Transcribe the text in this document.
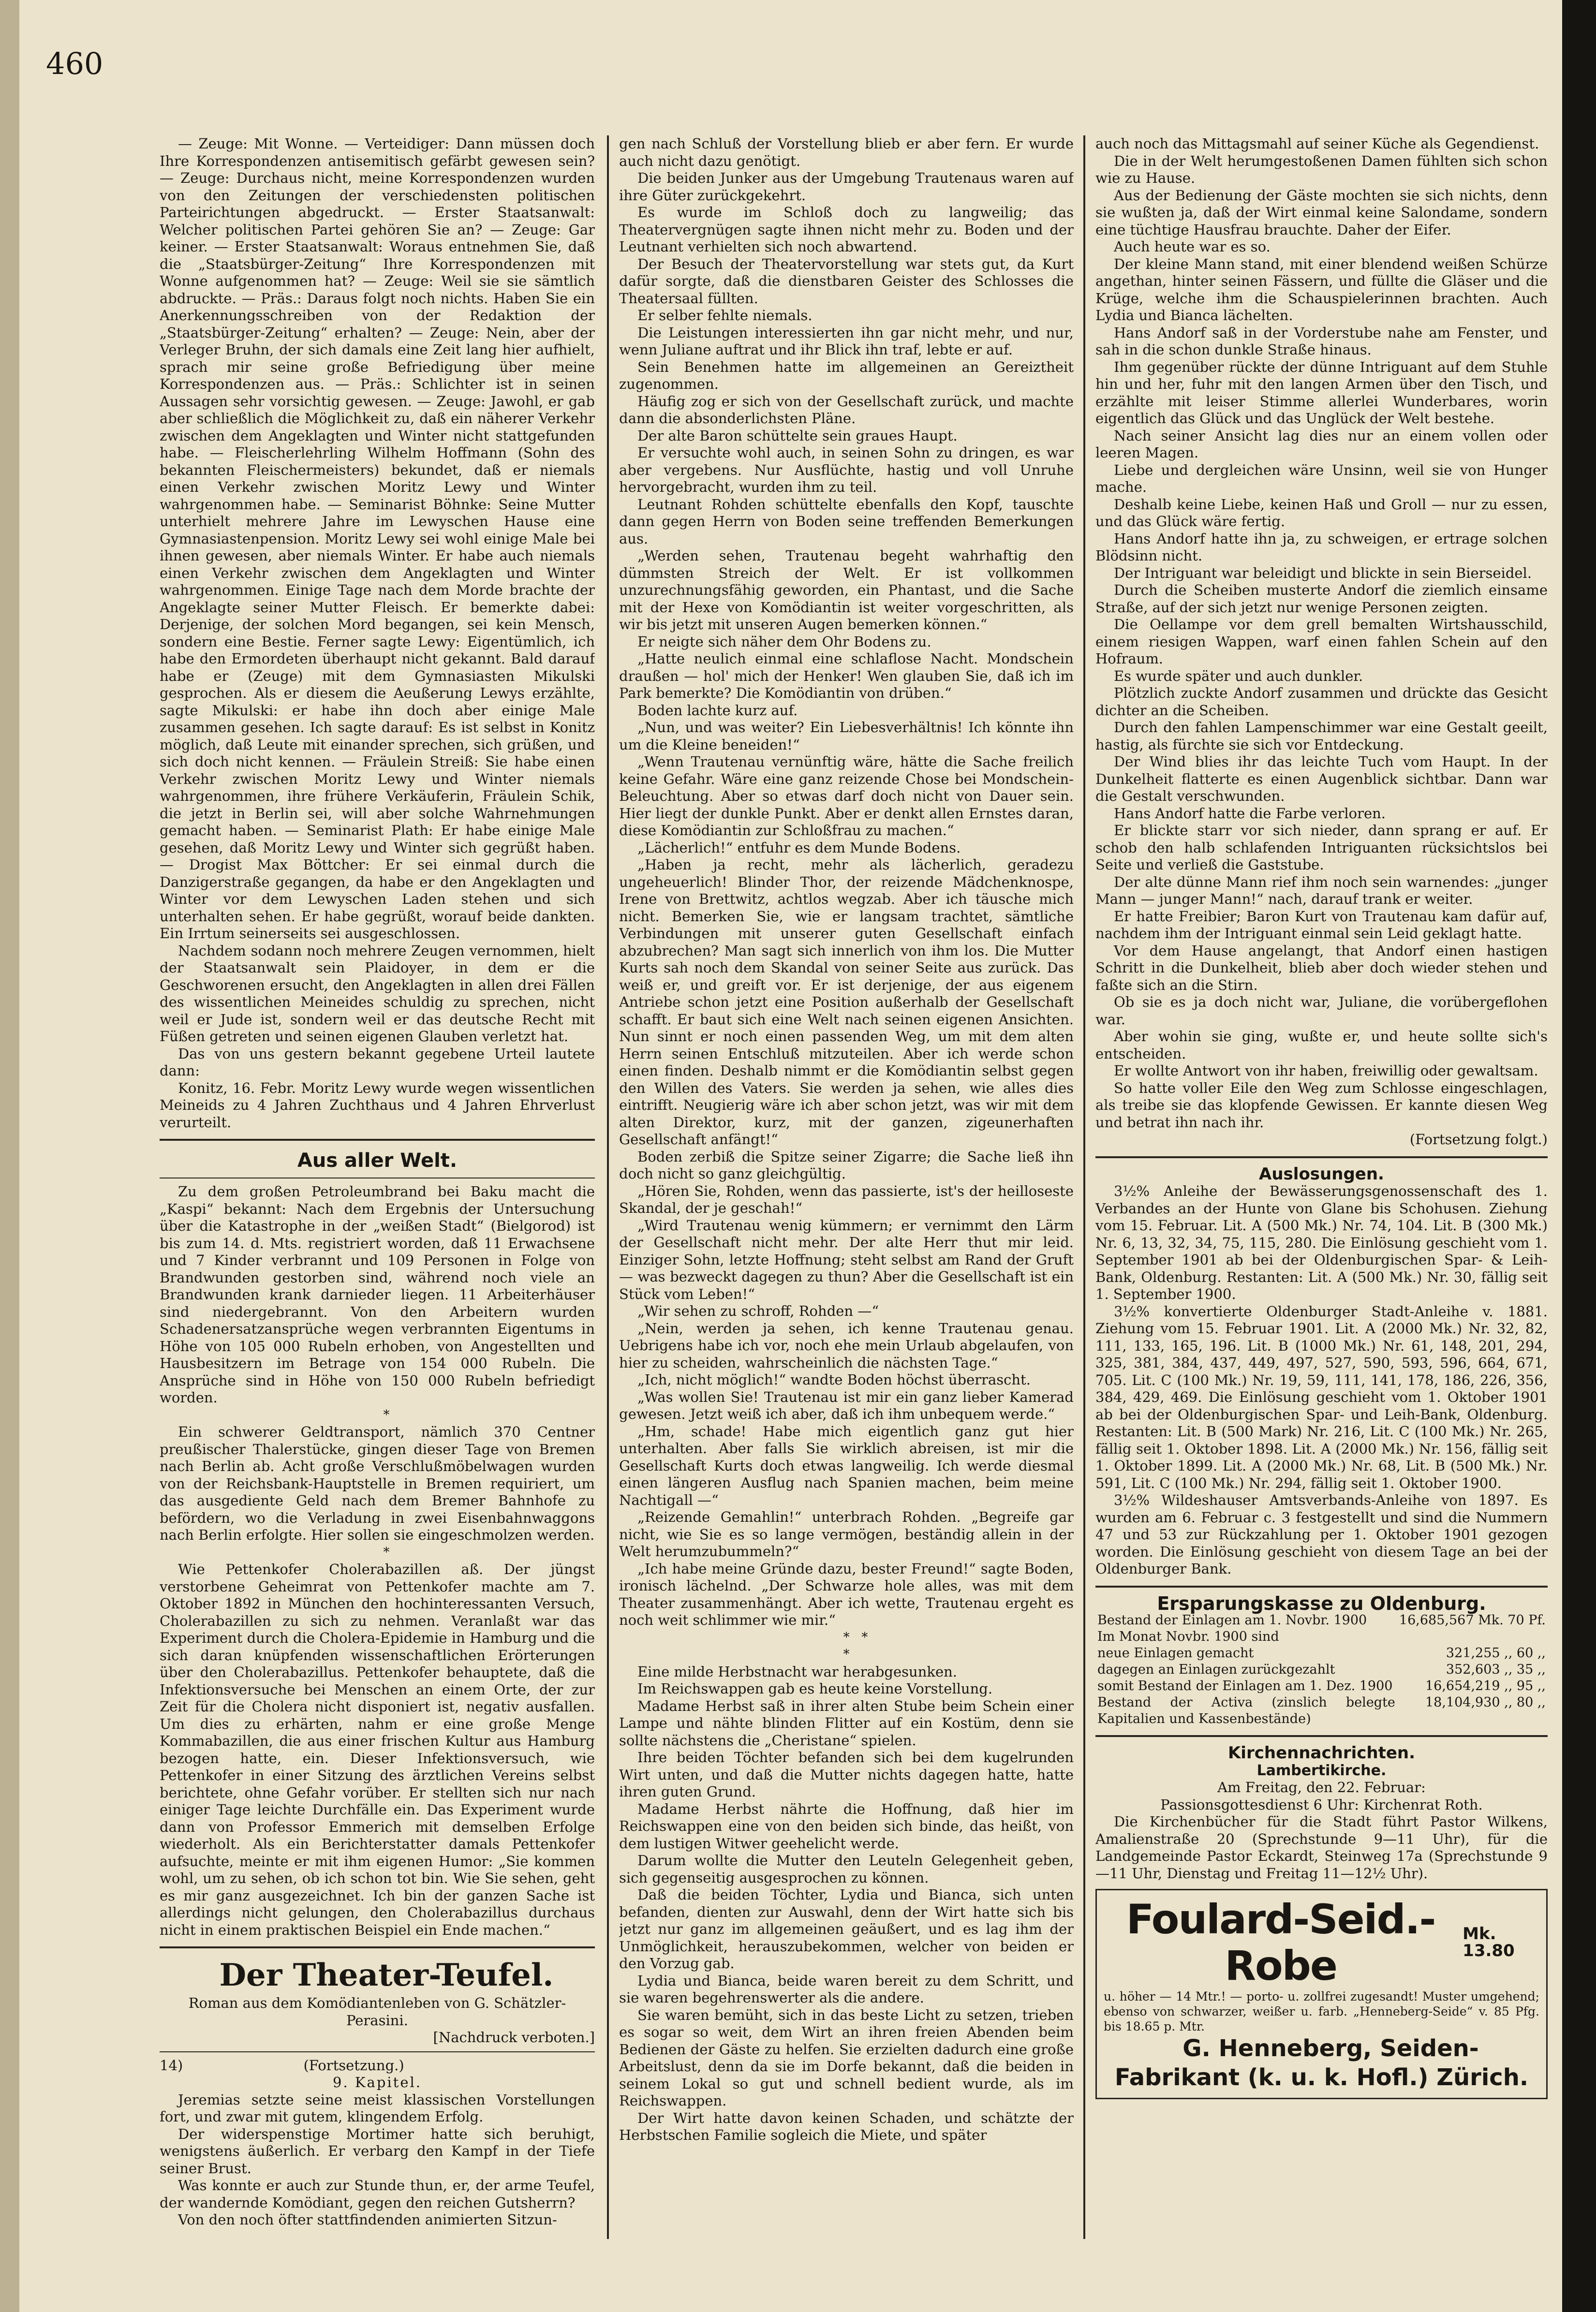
460

— Zeuge: Mit Wonne. — Verteidiger: Dann müssen doch Ihre Korrespondenzen antisemitisch gefärbt gewesen sein? — Zeuge: Durchaus nicht, meine Korrespondenzen wurden von den Zeitungen der verschiedensten politischen Parteirichtungen abgedruckt. — Erster Staatsanwalt: Welcher politischen Partei gehören Sie an? — Zeuge: Gar keiner. — Erster Staatsanwalt: Woraus entnehmen Sie, daß die „Staatsbürger-Zeitung“ Ihre Korrespondenzen mit Wonne aufgenommen hat? — Zeuge: Weil sie sie sämtlich abdruckte. — Präs.: Daraus folgt noch nichts. Haben Sie ein Anerkennungsschreiben von der Redaktion der „Staatsbürger-Zeitung“ erhalten? — Zeuge: Nein, aber der Verleger Bruhn, der sich damals eine Zeit lang hier aufhielt, sprach mir seine große Befriedigung über meine Korrespondenzen aus. — Präs.: Schlichter ist in seinen Aussagen sehr vorsichtig gewesen. — Zeuge: Jawohl, er gab aber schließlich die Möglichkeit zu, daß ein näherer Verkehr zwischen dem Angeklagten und Winter nicht stattgefunden habe. — Fleischerlehrling Wilhelm Hoffmann (Sohn des bekannten Fleischermeisters) bekundet, daß er niemals einen Verkehr zwischen Moritz Lewy und Winter wahrgenommen habe. — Seminarist Böhnke: Seine Mutter unterhielt mehrere Jahre im Lewyschen Hause eine Gymnasiastenpension. Moritz Lewy sei wohl einige Male bei ihnen gewesen, aber niemals Winter. Er habe auch niemals einen Verkehr zwischen dem Angeklagten und Winter wahrgenommen. Einige Tage nach dem Morde brachte der Angeklagte seiner Mutter Fleisch. Er bemerkte dabei: Derjenige, der solchen Mord begangen, sei kein Mensch, sondern eine Bestie. Ferner sagte Lewy: Eigentümlich, ich habe den Ermordeten überhaupt nicht gekannt. Bald darauf habe er (Zeuge) mit dem Gymnasiasten Mikulski gesprochen. Als er diesem die Aeußerung Lewys erzählte, sagte Mikulski: er habe ihn doch aber einige Male zusammen gesehen. Ich sagte darauf: Es ist selbst in Konitz möglich, daß Leute mit einander sprechen, sich grüßen, und sich doch nicht kennen. — Fräulein Streiß: Sie habe einen Verkehr zwischen Moritz Lewy und Winter niemals wahrgenommen, ihre frühere Verkäuferin, Fräulein Schik, die jetzt in Berlin sei, will aber solche Wahrnehmungen gemacht haben. — Seminarist Plath: Er habe einige Male gesehen, daß Moritz Lewy und Winter sich gegrüßt haben. — Drogist Max Böttcher: Er sei einmal durch die Danzigerstraße gegangen, da habe er den Angeklagten und Winter vor dem Lewyschen Laden stehen und sich unterhalten sehen. Er habe gegrüßt, worauf beide dankten. Ein Irrtum seinerseits sei ausgeschlossen.

Nachdem sodann noch mehrere Zeugen vernommen, hielt der Staatsanwalt sein Plaidoyer, in dem er die Geschworenen ersucht, den Angeklagten in allen drei Fällen des wissentlichen Meineides schuldig zu sprechen, nicht weil er Jude ist, sondern weil er das deutsche Recht mit Füßen getreten und seinen eigenen Glauben verletzt hat.

Das von uns gestern bekannt gegebene Urteil lautete dann:

Konitz, 16. Febr. Moritz Lewy wurde wegen wissentlichen Meineids zu 4 Jahren Zuchthaus und 4 Jahren Ehrverlust verurteilt.

Aus aller Welt.

Zu dem großen Petroleumbrand bei Baku macht die „Kaspi“ bekannt: Nach dem Ergebnis der Untersuchung über die Katastrophe in der „weißen Stadt“ (Bielgorod) ist bis zum 14. d. Mts. registriert worden, daß 11 Erwachsene und 7 Kinder verbrannt und 109 Personen in Folge von Brandwunden gestorben sind, während noch viele an Brandwunden krank darnieder liegen. 11 Arbeiterhäuser sind niedergebrannt. Von den Arbeitern wurden Schadenersatzansprüche wegen verbrannten Eigentums in Höhe von 105 000 Rubeln erhoben, von Angestellten und Hausbesitzern im Betrage von 154 000 Rubeln. Die Ansprüche sind in Höhe von 150 000 Rubeln befriedigt worden.

*

Ein schwerer Geldtransport, nämlich 370 Centner preußischer Thalerstücke, gingen dieser Tage von Bremen nach Berlin ab. Acht große Verschlußmöbelwagen wurden von der Reichsbank-Hauptstelle in Bremen requiriert, um das ausgediente Geld nach dem Bremer Bahnhofe zu befördern, wo die Verladung in zwei Eisenbahnwaggons nach Berlin erfolgte. Hier sollen sie eingeschmolzen werden.

*

Wie Pettenkofer Cholerabazillen aß. Der jüngst verstorbene Geheimrat von Pettenkofer machte am 7. Oktober 1892 in München den hochinteressanten Versuch, Cholerabazillen zu sich zu nehmen. Veranlaßt war das Experiment durch die Cholera-Epidemie in Hamburg und die sich daran knüpfenden wissenschaftlichen Erörterungen über den Cholerabazillus. Pettenkofer behauptete, daß die Infektionsversuche bei Menschen an einem Orte, der zur Zeit für die Cholera nicht disponiert ist, negativ ausfallen. Um dies zu erhärten, nahm er eine große Menge Kommabazillen, die aus einer frischen Kultur aus Hamburg bezogen hatte, ein. Dieser Infektionsversuch, wie Pettenkofer in einer Sitzung des ärztlichen Vereins selbst berichtete, ohne Gefahr vorüber. Er stellten sich nur nach einiger Tage leichte Durchfälle ein. Das Experiment wurde dann von Professor Emmerich mit demselben Erfolge wiederholt. Als ein Berichterstatter damals Pettenkofer aufsuchte, meinte er mit ihm eigenen Humor: „Sie kommen wohl, um zu sehen, ob ich schon tot bin. Wie Sie sehen, geht es mir ganz ausgezeichnet. Ich bin der ganzen Sache ist allerdings nicht gelungen, den Cholerabazillus durchaus nicht in einem praktischen Beispiel ein Ende machen.“

Der Theater-Teufel.

Roman aus dem Komödiantenleben von G. Schätzler-Perasini.

[Nachdruck verboten.]

14)	(Fortsetzung.)

9. Kapitel.

Jeremias setzte seine meist klassischen Vorstellungen fort, und zwar mit gutem, klingendem Erfolg.

Der widerspenstige Mortimer hatte sich beruhigt, wenigstens äußerlich. Er verbarg den Kampf in der Tiefe seiner Brust.

Was konnte er auch zur Stunde thun, er, der arme Teufel, der wandernde Komödiant, gegen den reichen Gutsherrn?

Von den noch öfter stattfindenden animierten Sitzun-

gen nach Schluß der Vorstellung blieb er aber fern. Er wurde auch nicht dazu genötigt.

Die beiden Junker aus der Umgebung Trautenaus waren auf ihre Güter zurückgekehrt.

Es wurde im Schloß doch zu langweilig; das Theatervergnügen sagte ihnen nicht mehr zu. Boden und der Leutnant verhielten sich noch abwartend.

Der Besuch der Theatervorstellung war stets gut, da Kurt dafür sorgte, daß die dienstbaren Geister des Schlosses die Theatersaal füllten.

Er selber fehlte niemals.

Die Leistungen interessierten ihn gar nicht mehr, und nur, wenn Juliane auftrat und ihr Blick ihn traf, lebte er auf.

Sein Benehmen hatte im allgemeinen an Gereiztheit zugenommen.

Häufig zog er sich von der Gesellschaft zurück, und machte dann die absonderlichsten Pläne.

Der alte Baron schüttelte sein graues Haupt.

Er versuchte wohl auch, in seinen Sohn zu dringen, es war aber vergebens. Nur Ausflüchte, hastig und voll Unruhe hervorgebracht, wurden ihm zu teil.

Leutnant Rohden schüttelte ebenfalls den Kopf, tauschte dann gegen Herrn von Boden seine treffenden Bemerkungen aus.

„Werden sehen, Trautenau begeht wahrhaftig den dümmsten Streich der Welt. Er ist vollkommen unzurechnungsfähig geworden, ein Phantast, und die Sache mit der Hexe von Komödiantin ist weiter vorgeschritten, als wir bis jetzt mit unseren Augen bemerken können.“

Er neigte sich näher dem Ohr Bodens zu.

„Hatte neulich einmal eine schlaflose Nacht. Mondschein draußen — hol' mich der Henker! Wen glauben Sie, daß ich im Park bemerkte? Die Komödiantin von drüben.“

Boden lachte kurz auf.

„Nun, und was weiter? Ein Liebesverhältnis! Ich könnte ihn um die Kleine beneiden!“

„Wenn Trautenau vernünftig wäre, hätte die Sache freilich keine Gefahr. Wäre eine ganz reizende Chose bei Mondschein-Beleuchtung. Aber so etwas darf doch nicht von Dauer sein. Hier liegt der dunkle Punkt. Aber er denkt allen Ernstes daran, diese Komödiantin zur Schloßfrau zu machen.“

„Lächerlich!“ entfuhr es dem Munde Bodens.

„Haben ja recht, mehr als lächerlich, geradezu ungeheuerlich! Blinder Thor, der reizende Mädchenknospe, Irene von Brettwitz, achtlos wegzab. Aber ich täusche mich nicht. Bemerken Sie, wie er langsam trachtet, sämtliche Verbindungen mit unserer guten Gesellschaft einfach abzubrechen? Man sagt sich innerlich von ihm los. Die Mutter Kurts sah noch dem Skandal von seiner Seite aus zurück. Das weiß er, und greift vor. Er ist derjenige, der aus eigenem Antriebe schon jetzt eine Position außerhalb der Gesellschaft schafft. Er baut sich eine Welt nach seinen eigenen Ansichten. Nun sinnt er noch einen passenden Weg, um mit dem alten Herrn seinen Entschluß mitzuteilen. Aber ich werde schon einen finden. Deshalb nimmt er die Komödiantin selbst gegen den Willen des Vaters. Sie werden ja sehen, wie alles dies eintrifft. Neugierig wäre ich aber schon jetzt, was wir mit dem alten Direktor, kurz, mit der ganzen, zigeunerhaften Gesellschaft anfängt!“

Boden zerbiß die Spitze seiner Zigarre; die Sache ließ ihn doch nicht so ganz gleichgültig.

„Hören Sie, Rohden, wenn das passierte, ist's der heilloseste Skandal, der je geschah!“

„Wird Trautenau wenig kümmern; er vernimmt den Lärm der Gesellschaft nicht mehr. Der alte Herr thut mir leid. Einziger Sohn, letzte Hoffnung; steht selbst am Rand der Gruft — was bezweckt dagegen zu thun? Aber die Gesellschaft ist ein Stück vom Leben!“

„Wir sehen zu schroff, Rohden —“

„Nein, werden ja sehen, ich kenne Trautenau genau. Uebrigens habe ich vor, noch ehe mein Urlaub abgelaufen, von hier zu scheiden, wahrscheinlich die nächsten Tage.“

„Ich, nicht möglich!“ wandte Boden höchst überrascht.

„Was wollen Sie! Trautenau ist mir ein ganz lieber Kamerad gewesen. Jetzt weiß ich aber, daß ich ihm unbequem werde.“

„Hm, schade! Habe mich eigentlich ganz gut hier unterhalten. Aber falls Sie wirklich abreisen, ist mir die Gesellschaft Kurts doch etwas langweilig. Ich werde diesmal einen längeren Ausflug nach Spanien machen, beim meine Nachtigall —“

„Reizende Gemahlin!“ unterbrach Rohden. „Begreife gar nicht, wie Sie es so lange vermögen, beständig allein in der Welt herumzubummeln?“

„Ich habe meine Gründe dazu, bester Freund!“ sagte Boden, ironisch lächelnd. „Der Schwarze hole alles, was mit dem Theater zusammenhängt. Aber ich wette, Trautenau ergeht es noch weit schlimmer wie mir.“

*   *
*

Eine milde Herbstnacht war herabgesunken.

Im Reichswappen gab es heute keine Vorstellung.

Madame Herbst saß in ihrer alten Stube beim Schein einer Lampe und nähte blinden Flitter auf ein Kostüm, denn sie sollte nächstens die „Cheristane“ spielen.

Ihre beiden Töchter befanden sich bei dem kugelrunden Wirt unten, und daß die Mutter nichts dagegen hatte, hatte ihren guten Grund.

Madame Herbst nährte die Hoffnung, daß hier im Reichswappen eine von den beiden sich binde, das heißt, von dem lustigen Witwer geehelicht werde.

Darum wollte die Mutter den Leuteln Gelegenheit geben, sich gegenseitig ausgesprochen zu können.

Daß die beiden Töchter, Lydia und Bianca, sich unten befanden, dienten zur Auswahl, denn der Wirt hatte sich bis jetzt nur ganz im allgemeinen geäußert, und es lag ihm der Unmöglichkeit, herauszubekommen, welcher von beiden er den Vorzug gab.

Lydia und Bianca, beide waren bereit zu dem Schritt, und sie waren begehrenswerter als die andere.

Sie waren bemüht, sich in das beste Licht zu setzen, trieben es sogar so weit, dem Wirt an ihren freien Abenden beim Bedienen der Gäste zu helfen. Sie erzielten dadurch eine große Arbeitslust, denn da sie im Dorfe bekannt, daß die beiden in seinem Lokal so gut und schnell bedient wurde, als im Reichswappen.

Der Wirt hatte davon keinen Schaden, und schätzte der Herbstschen Familie sogleich die Miete, und später

auch noch das Mittagsmahl auf seiner Küche als Gegendienst.

Die in der Welt herumgestoßenen Damen fühlten sich schon wie zu Hause.

Aus der Bedienung der Gäste mochten sie sich nichts, denn sie wußten ja, daß der Wirt einmal keine Salondame, sondern eine tüchtige Hausfrau brauchte. Daher der Eifer.

Auch heute war es so.

Der kleine Mann stand, mit einer blendend weißen Schürze angethan, hinter seinen Fässern, und füllte die Gläser und die Krüge, welche ihm die Schauspielerinnen brachten. Auch Lydia und Bianca lächelten.

Hans Andorf saß in der Vorderstube nahe am Fenster, und sah in die schon dunkle Straße hinaus.

Ihm gegenüber rückte der dünne Intriguant auf dem Stuhle hin und her, fuhr mit den langen Armen über den Tisch, und erzählte mit leiser Stimme allerlei Wunderbares, worin eigentlich das Glück und das Unglück der Welt bestehe.

Nach seiner Ansicht lag dies nur an einem vollen oder leeren Magen.

Liebe und dergleichen wäre Unsinn, weil sie von Hunger mache.

Deshalb keine Liebe, keinen Haß und Groll — nur zu essen, und das Glück wäre fertig.

Hans Andorf hatte ihn ja, zu schweigen, er ertrage solchen Blödsinn nicht.

Der Intriguant war beleidigt und blickte in sein Bierseidel.

Durch die Scheiben musterte Andorf die ziemlich einsame Straße, auf der sich jetzt nur wenige Personen zeigten.

Die Oellampe vor dem grell bemalten Wirtshausschild, einem riesigen Wappen, warf einen fahlen Schein auf den Hofraum.

Es wurde später und auch dunkler.

Plötzlich zuckte Andorf zusammen und drückte das Gesicht dichter an die Scheiben.

Durch den fahlen Lampenschimmer war eine Gestalt geeilt, hastig, als fürchte sie sich vor Entdeckung.

Der Wind blies ihr das leichte Tuch vom Haupt. In der Dunkelheit flatterte es einen Augenblick sichtbar. Dann war die Gestalt verschwunden.

Hans Andorf hatte die Farbe verloren.

Er blickte starr vor sich nieder, dann sprang er auf. Er schob den halb schlafenden Intriguanten rücksichtslos bei Seite und verließ die Gaststube.

Der alte dünne Mann rief ihm noch sein warnendes: „junger Mann — junger Mann!“ nach, darauf trank er weiter.

Er hatte Freibier; Baron Kurt von Trautenau kam dafür auf, nachdem ihm der Intriguant einmal sein Leid geklagt hatte.

Vor dem Hause angelangt, that Andorf einen hastigen Schritt in die Dunkelheit, blieb aber doch wieder stehen und faßte sich an die Stirn.

Ob sie es ja doch nicht war, Juliane, die vorübergeflohen war.

Aber wohin sie ging, wußte er, und heute sollte sich's entscheiden.

Er wollte Antwort von ihr haben, freiwillig oder gewaltsam.

So hatte voller Eile den Weg zum Schlosse eingeschlagen, als treibe sie das klopfende Gewissen. Er kannte diesen Weg und betrat ihn nach ihr.

(Fortsetzung folgt.)

Auslosungen.

3½% Anleihe der Bewässerungsgenossenschaft des 1. Verbandes an der Hunte von Glane bis Schohusen. Ziehung vom 15. Februar. Lit. A (500 Mk.) Nr. 74, 104. Lit. B (300 Mk.) Nr. 6, 13, 32, 34, 75, 115, 280. Die Einlösung geschieht vom 1. September 1901 ab bei der Oldenburgischen Spar- & Leih-Bank, Oldenburg. Restanten: Lit. A (500 Mk.) Nr. 30, fällig seit 1. September 1900.

3½% konvertierte Oldenburger Stadt-Anleihe v. 1881. Ziehung vom 15. Februar 1901. Lit. A (2000 Mk.) Nr. 32, 82, 111, 133, 165, 196. Lit. B (1000 Mk.) Nr. 61, 148, 201, 294, 325, 381, 384, 437, 449, 497, 527, 590, 593, 596, 664, 671, 705. Lit. C (100 Mk.) Nr. 19, 59, 111, 141, 178, 186, 226, 356, 384, 429, 469. Die Einlösung geschieht vom 1. Oktober 1901 ab bei der Oldenburgischen Spar- und Leih-Bank, Oldenburg. Restanten: Lit. B (500 Mark) Nr. 216, Lit. C (100 Mk.) Nr. 265, fällig seit 1. Oktober 1898. Lit. A (2000 Mk.) Nr. 156, fällig seit 1. Oktober 1899. Lit. A (2000 Mk.) Nr. 68, Lit. B (500 Mk.) Nr. 591, Lit. C (100 Mk.) Nr. 294, fällig seit 1. Oktober 1900.

3½% Wildeshauser Amtsverbands-Anleihe von 1897. Es wurden am 6. Februar c. 3 festgestellt und sind die Nummern 47 und 53 zur Rückzahlung per 1. Oktober 1901 gezogen worden. Die Einlösung geschieht von diesem Tage an bei der Oldenburger Bank.

Ersparungskasse zu Oldenburg.

Bestand der Einlagen am 1. Novbr. 1900	16,685,567 Mk. 70 Pf.
Im Monat Novbr. 1900 sind	
neue Einlagen gemacht	321,255 ,, 60 ,,
dagegen an Einlagen zurückgezahlt	352,603 ,, 35 ,,
somit Bestand der Einlagen am 1. Dez. 1900	16,654,219 ,, 95 ,,
Bestand der Activa (zinslich belegte Kapitalien und Kassenbestände)	18,104,930 ,, 80 ,,

Kirchennachrichten.

Lambertikirche.

Am Freitag, den 22. Februar:

Passionsgottesdienst 6 Uhr: Kirchenrat Roth.

Die Kirchenbücher für die Stadt führt Pastor Wilkens, Amalienstraße 20 (Sprechstunde 9—11 Uhr), für die Landgemeinde Pastor Eckardt, Steinweg 17a (Sprechstunde 9—11 Uhr, Dienstag und Freitag 11—12½ Uhr).

Foulard-Seid.-Robe
Mk. 13.80

u. höher — 14 Mtr.! — porto- u. zollfrei zugesandt! Muster umgehend; ebenso von schwarzer, weißer u. farb. „Henneberg-Seide“ v. 85 Pfg. bis 18.65 p. Mtr.

G. Henneberg, Seiden-Fabrikant (k. u. k. Hofl.) Zürich.
